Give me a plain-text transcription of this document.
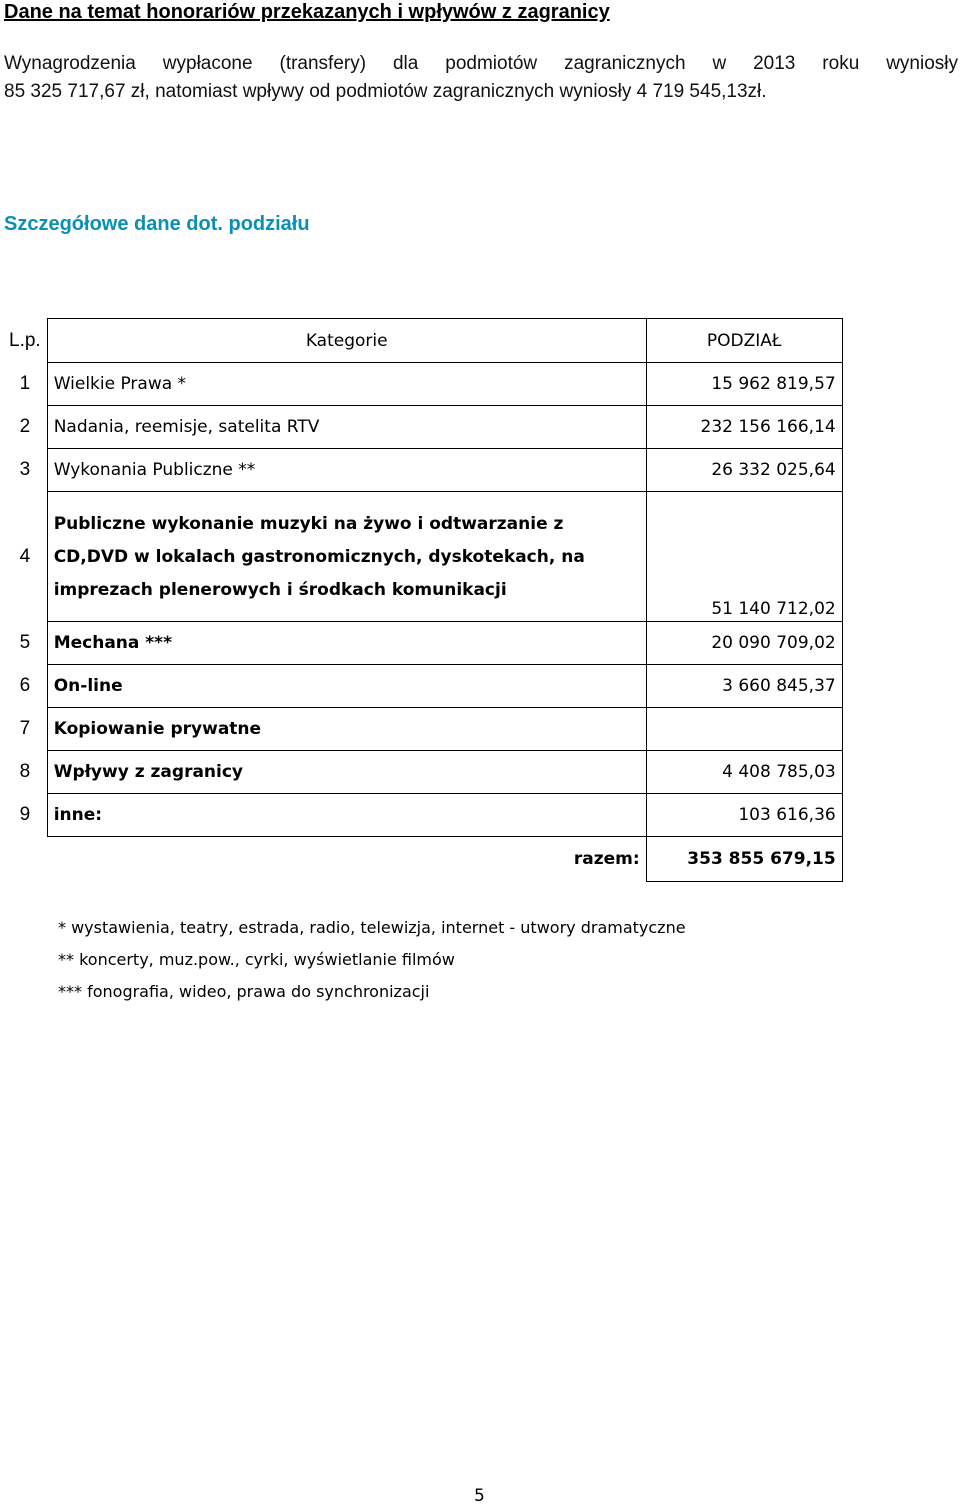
Dane na temat honorariów przekazanych i wpływów z zagranicy
Wynagrodzenia wypłacone (transfery) dla podmiotów zagranicznych w 2013 roku wyniosły
85 325 717,67 zł, natomiast wpływy od podmiotów zagranicznych wyniosły 4 719 545,13zł.
Szczegółowe dane dot. podziału
L.p.	Kategorie	PODZIAŁ
1	Wielkie Prawa *	15 962 819,57
2	Nadania, reemisje, satelita RTV	232 156 166,14
3	Wykonania Publiczne **	26 332 025,64
4	Publiczne wykonanie muzyki na żywo i odtwarzanie z CD,DVD w lokalach gastronomicznych, dyskotekach, na imprezach plenerowych i środkach komunikacji	51 140 712,02
5	Mechana ***	20 090 709,02
6	On-line	3 660 845,37
7	Kopiowanie prywatne	
8	Wpływy z zagranicy	4 408 785,03
9	inne:	103 616,36
	razem:	353 855 679,15
* wystawienia, teatry, estrada, radio, telewizja, internet - utwory dramatyczne
** koncerty, muz.pow., cyrki, wyświetlanie filmów
*** fonografia, wideo, prawa do synchronizacji
5
